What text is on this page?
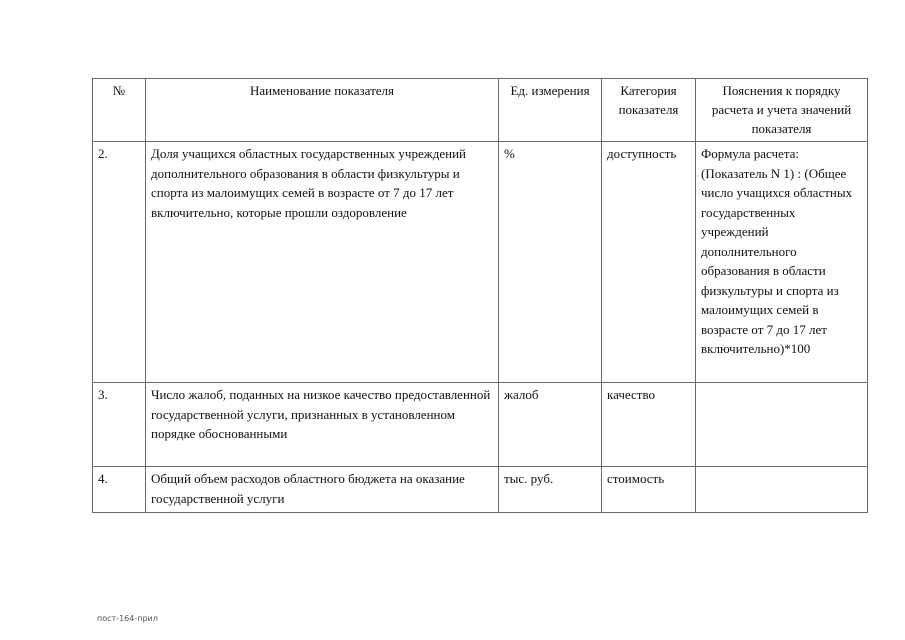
№	Наименование показателя	Ед. измерения	Категория показателя	Пояснения к порядку расчета и учета значений показателя
2.	Доля учащихся областных государственных учреждений дополнительного образования в области физкультуры и спорта из малоимущих семей в возрасте от 7 до 17 лет включительно, которые прошли оздоровление	%	доступность	Формула расчета: (Показатель N 1) : (Общее число учащихся областных государственных учреждений дополнительного образования в области физкультуры и спорта из малоимущих семей в возрасте от 7 до 17 лет включительно)*100
3.	Число жалоб, поданных на низкое качество предоставленной государственной услуги, признанных в установленном порядке обоснованными	жалоб	качество	
4.	Общий объем расходов областного бюджета на оказание государственной услуги	тыс. руб.	стоимость	
пост-164-прил
